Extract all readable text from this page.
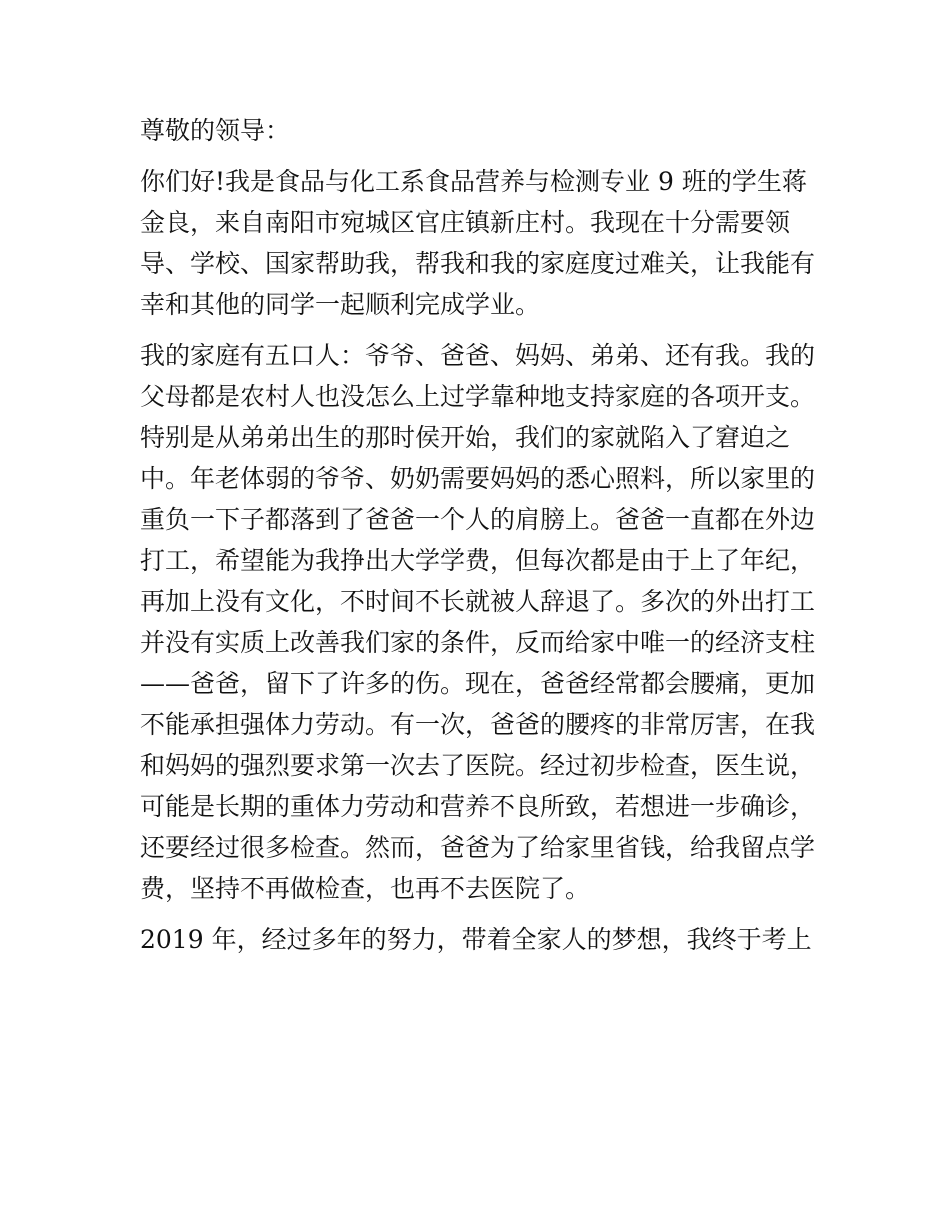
尊敬的领导：
你们好!我是食品与化工系食品营养与检测专业 9 班的学生蒋
金良，来自南阳市宛城区官庄镇新庄村。我现在十分需要领
导、学校、国家帮助我，帮我和我的家庭度过难关，让我能有
幸和其他的同学一起顺利完成学业。
我的家庭有五口人：爷爷、爸爸、妈妈、弟弟、还有我。我的
父母都是农村人也没怎么上过学靠种地支持家庭的各项开支。
特别是从弟弟出生的那时侯开始，我们的家就陷入了窘迫之
中。年老体弱的爷爷、奶奶需要妈妈的悉心照料，所以家里的
重负一下子都落到了爸爸一个人的肩膀上。爸爸一直都在外边
打工，希望能为我挣出大学学费，但每次都是由于上了年纪，
再加上没有文化，不时间不长就被人辞退了。多次的外出打工
并没有实质上改善我们家的条件，反而给家中唯一的经济支柱
——爸爸，留下了许多的伤。现在，爸爸经常都会腰痛，更加
不能承担强体力劳动。有一次，爸爸的腰疼的非常厉害，在我
和妈妈的强烈要求第一次去了医院。经过初步检查，医生说，
可能是长期的重体力劳动和营养不良所致，若想进一步确诊，
还要经过很多检查。然而，爸爸为了给家里省钱，给我留点学
费，坚持不再做检查，也再不去医院了。
2019 年，经过多年的努力，带着全家人的梦想，我终于考上
